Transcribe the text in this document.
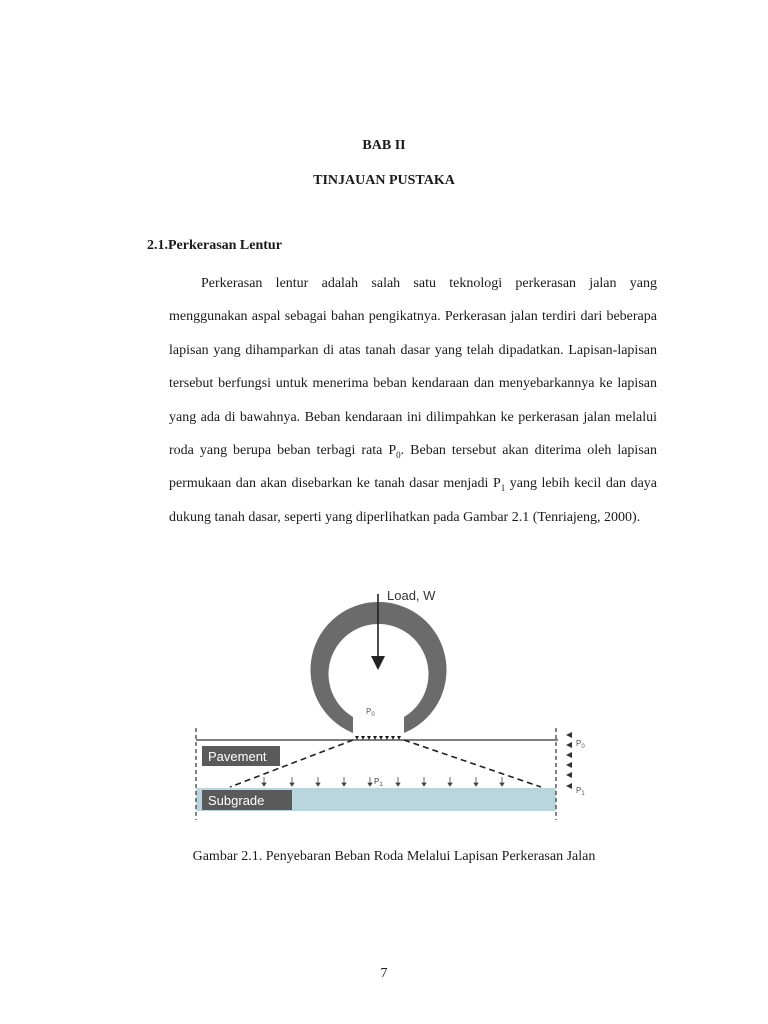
BAB II
TINJAUAN PUSTAKA
2.1.Perkerasan Lentur

Perkerasan lentur adalah salah satu teknologi perkerasan jalan yang menggunakan aspal sebagai bahan pengikatnya. Perkerasan jalan terdiri dari beberapa lapisan yang dihamparkan di atas tanah dasar yang telah dipadatkan. Lapisan-lapisan tersebut berfungsi untuk menerima beban kendaraan dan menyebarkannya ke lapisan yang ada di bawahnya. Beban kendaraan ini dilimpahkan ke perkerasan jalan melalui roda yang berupa beban terbagi rata $P_0$. Beban tersebut akan diterima oleh lapisan permukaan dan akan disebarkan ke tanah dasar menjadi $P_1$ yang lebih kecil dan daya dukung tanah dasar, seperti yang diperlihatkan pada Gambar 2.1 (Tenriajeng, 2000).

Load, W
$P_0$
$P_1$
Pavement
Subgrade
$P_0$
$P_1$
Gambar 2.1. Penyebaran Beban Roda Melalui Lapisan Perkerasan Jalan
7
